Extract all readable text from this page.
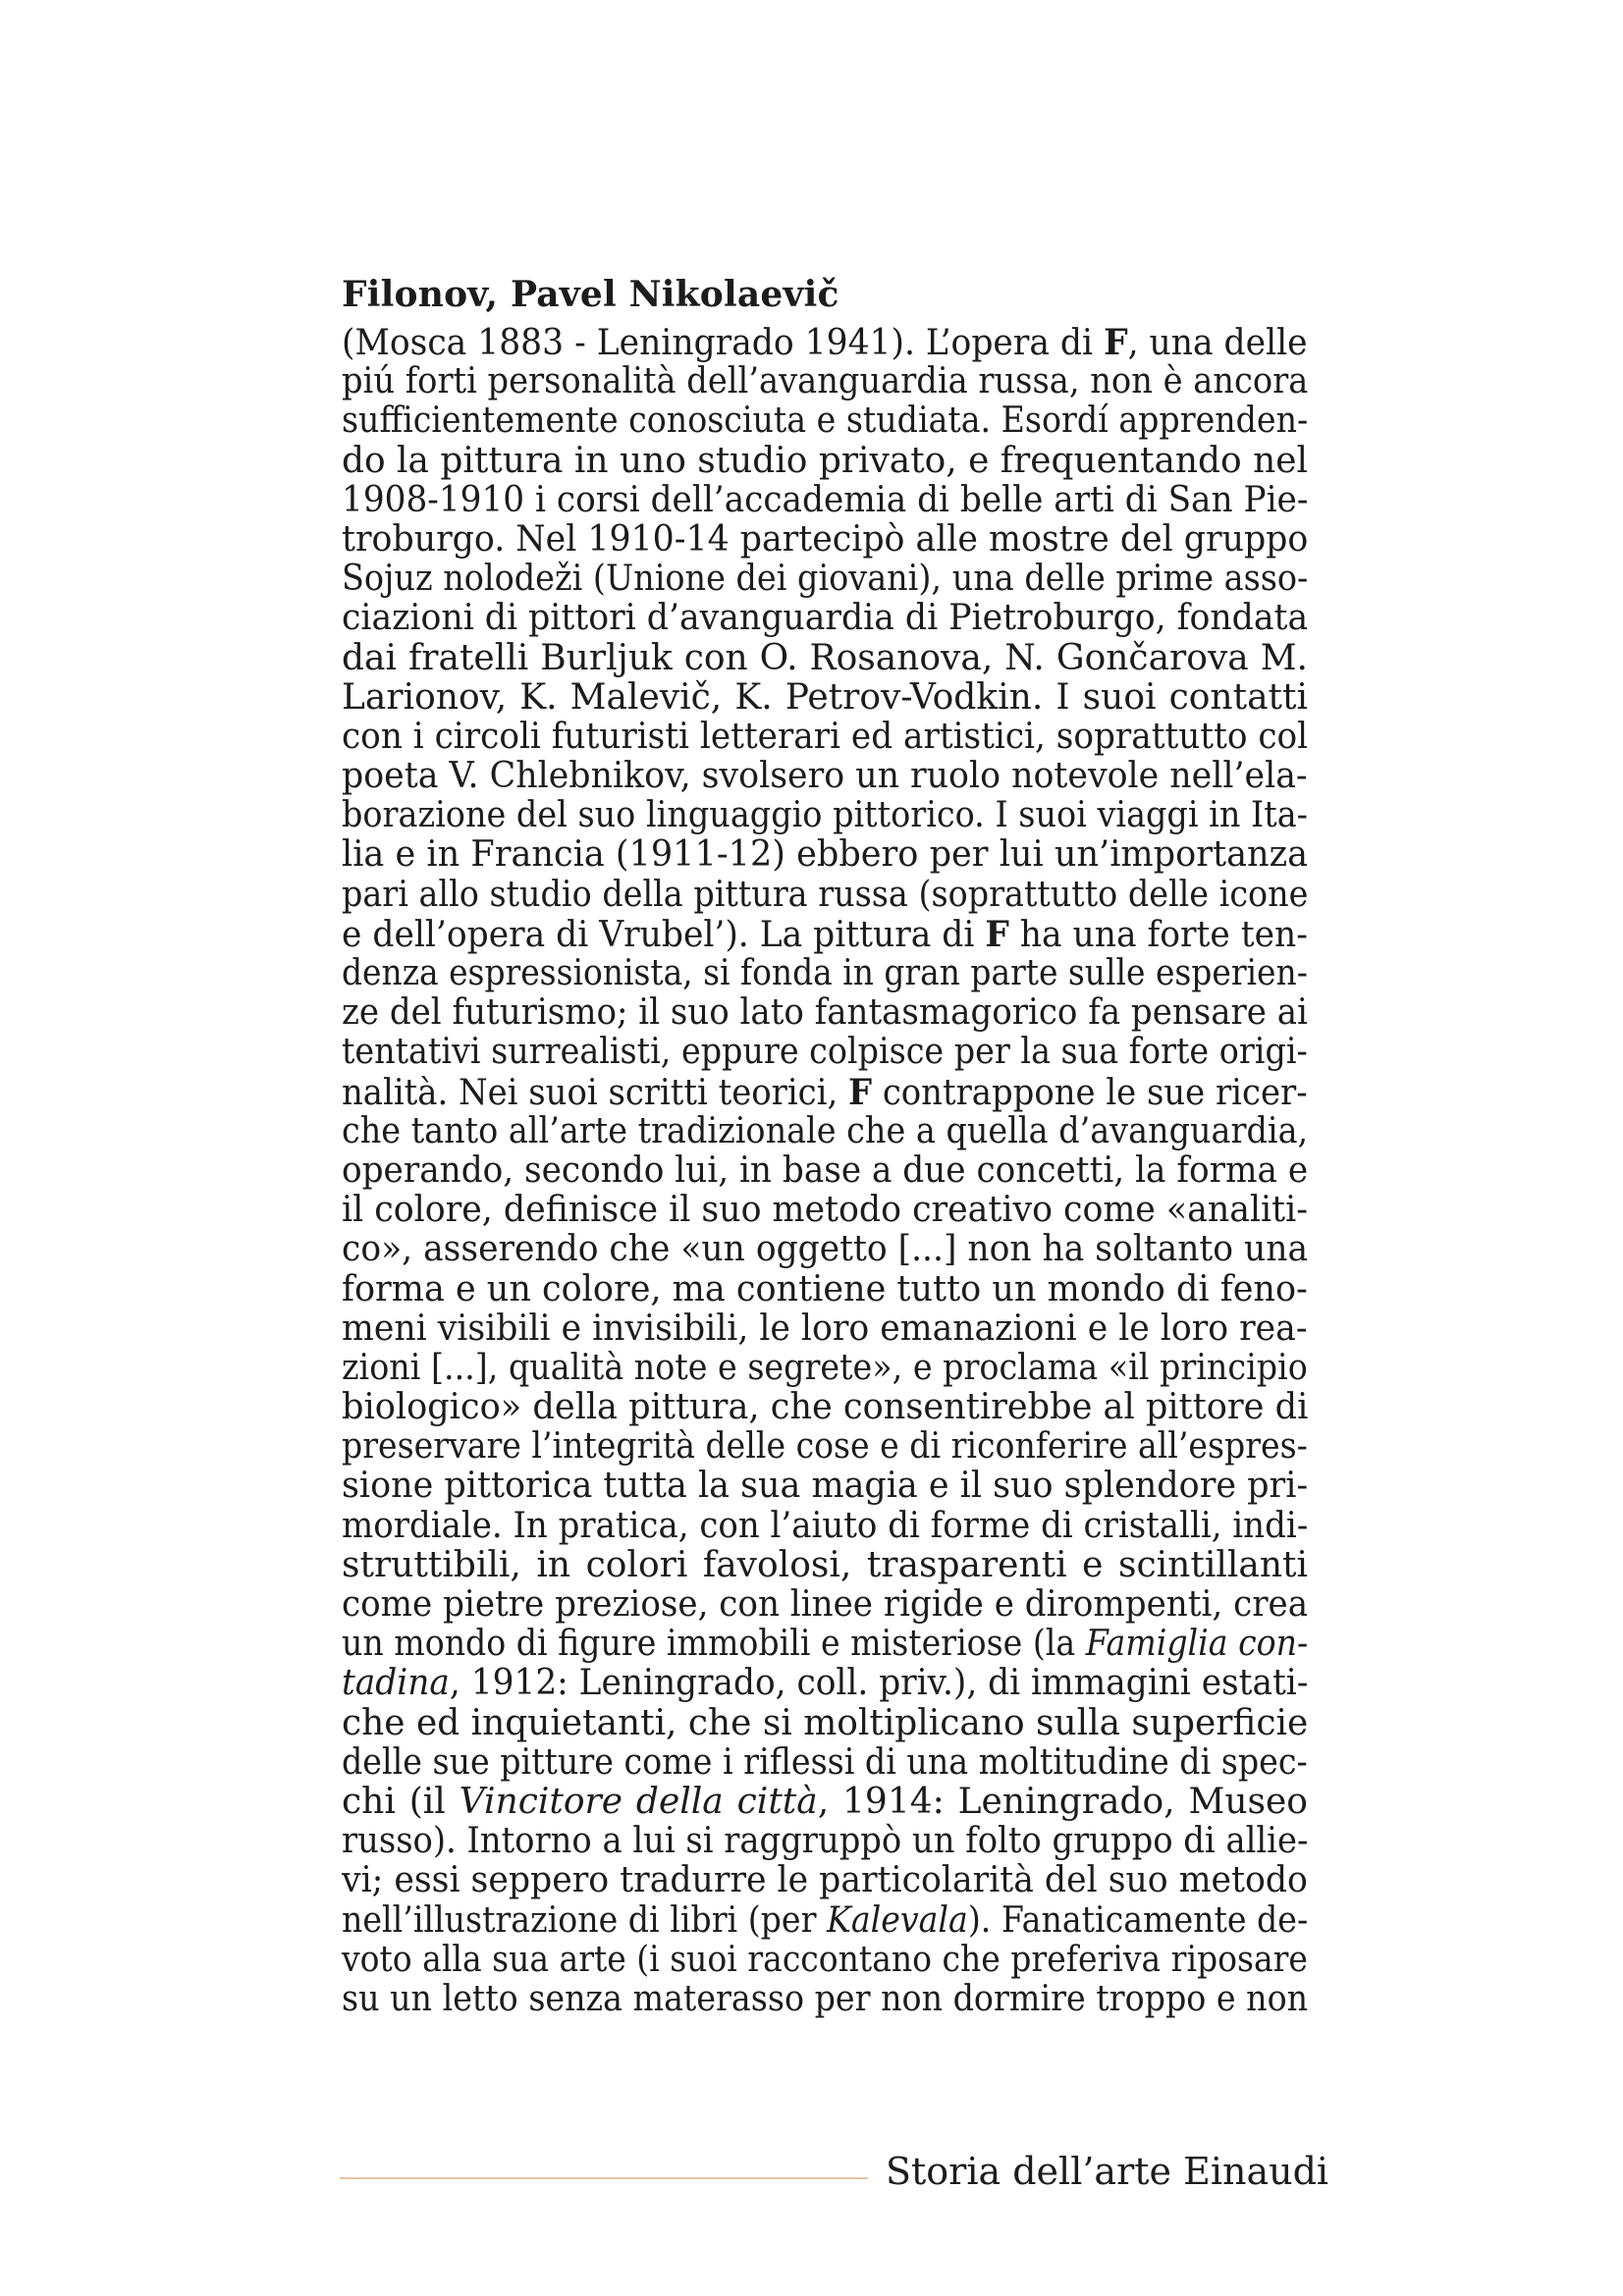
Filonov, Pavel Nikolaevič
(Mosca 1883 - Leningrado 1941). L’opera di F, una delle
piú forti personalità dell’avanguardia russa, non è ancora
sufficientemente conosciuta e studiata. Esordí apprenden-
do la pittura in uno studio privato, e frequentando nel
1908-1910 i corsi dell’accademia di belle arti di San Pie-
troburgo. Nel 1910-14 partecipò alle mostre del gruppo
Sojuz nolodeži (Unione dei giovani), una delle prime asso-
ciazioni di pittori d’avanguardia di Pietroburgo, fondata
dai fratelli Burljuk con O. Rosanova, N. Gončarova M.
Larionov, K. Malevič, K. Petrov-Vodkin. I suoi contatti
con i circoli futuristi letterari ed artistici, soprattutto col
poeta V. Chlebnikov, svolsero un ruolo notevole nell’ela-
borazione del suo linguaggio pittorico. I suoi viaggi in Ita-
lia e in Francia (1911-12) ebbero per lui un’importanza
pari allo studio della pittura russa (soprattutto delle icone
e dell’opera di Vrubel’). La pittura di F ha una forte ten-
denza espressionista, si fonda in gran parte sulle esperien-
ze del futurismo; il suo lato fantasmagorico fa pensare ai
tentativi surrealisti, eppure colpisce per la sua forte origi-
nalità. Nei suoi scritti teorici, F contrappone le sue ricer-
che tanto all’arte tradizionale che a quella d’avanguardia,
operando, secondo lui, in base a due concetti, la forma e
il colore, definisce il suo metodo creativo come «analiti-
co», asserendo che «un oggetto [...] non ha soltanto una
forma e un colore, ma contiene tutto un mondo di feno-
meni visibili e invisibili, le loro emanazioni e le loro rea-
zioni [...], qualità note e segrete», e proclama «il principio
biologico» della pittura, che consentirebbe al pittore di
preservare l’integrità delle cose e di riconferire all’espres-
sione pittorica tutta la sua magia e il suo splendore pri-
mordiale. In pratica, con l’aiuto di forme di cristalli, indi-
struttibili, in colori favolosi, trasparenti e scintillanti
come pietre preziose, con linee rigide e dirompenti, crea
un mondo di figure immobili e misteriose (la Famiglia con-
tadina, 1912: Leningrado, coll. priv.), di immagini estati-
che ed inquietanti, che si moltiplicano sulla superficie
delle sue pitture come i riflessi di una moltitudine di spec-
chi (il Vincitore della città, 1914: Leningrado, Museo
russo). Intorno a lui si raggruppò un folto gruppo di allie-
vi; essi seppero tradurre le particolarità del suo metodo
nell’illustrazione di libri (per Kalevala). Fanaticamente de-
voto alla sua arte (i suoi raccontano che preferiva riposare
su un letto senza materasso per non dormire troppo e non

Storia dell’arte Einaudi
